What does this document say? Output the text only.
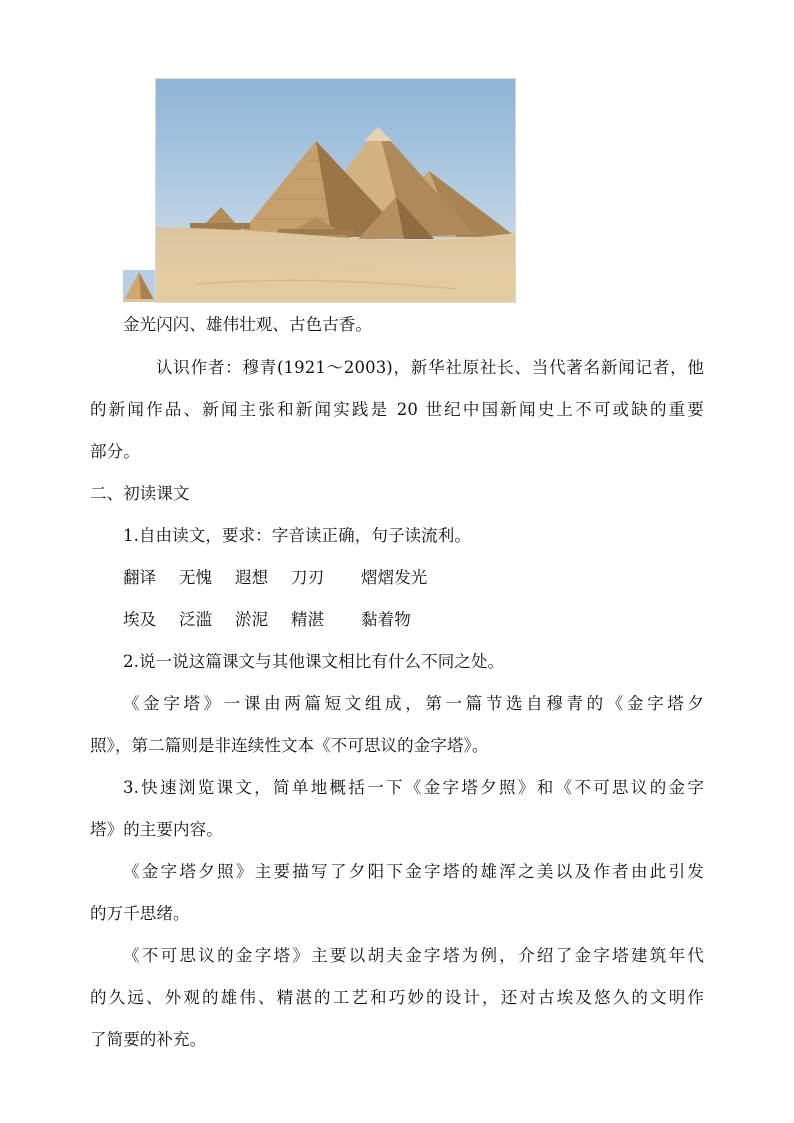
金光闪闪、雄伟壮观、古色古香。

认识作者：穆青(1921～2003)，新华社原社长、当代著名新闻记者，他

的新闻作品、新闻主张和新闻实践是 20 世纪中国新闻史上不可或缺的重要

部分。

二、初读课文

1.自由读文，要求：字音读正确，句子读流利。

翻译 无愧 遐想 刀刃 熠熠发光

埃及 泛滥 淤泥 精湛 黏着物

2.说一说这篇课文与其他课文相比有什么不同之处。

《金字塔》一课由两篇短文组成，第一篇节选自穆青的《金字塔夕

照》，第二篇则是非连续性文本《不可思议的金字塔》。

3.快速浏览课文，简单地概括一下《金字塔夕照》和《不可思议的金字

塔》的主要内容。

《金字塔夕照》主要描写了夕阳下金字塔的雄浑之美以及作者由此引发

的万千思绪。

《不可思议的金字塔》主要以胡夫金字塔为例，介绍了金字塔建筑年代

的久远、外观的雄伟、精湛的工艺和巧妙的设计，还对古埃及悠久的文明作

了简要的补充。
